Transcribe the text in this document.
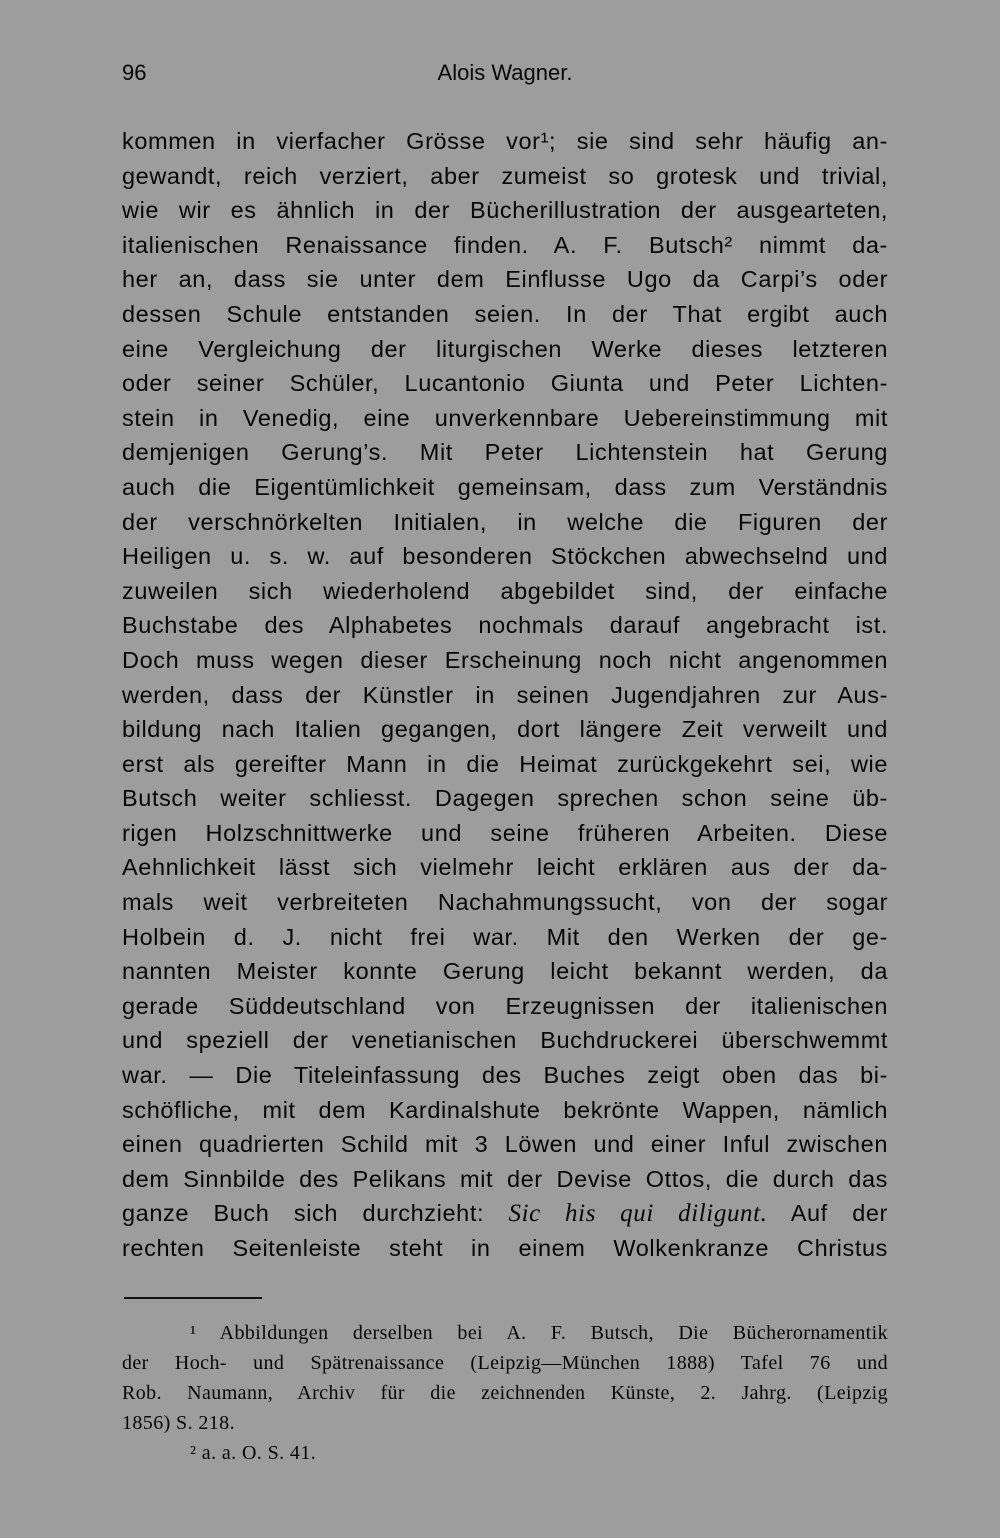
96	Alois Wagner.
kommen in vierfacher Grösse vor¹; sie sind sehr häufig an-
gewandt, reich verziert, aber zumeist so grotesk und trivial,
wie wir es ähnlich in der Bücherillustration der ausgearteten,
italienischen Renaissance finden. A. F. Butsch² nimmt da-
her an, dass sie unter dem Einflusse Ugo da Carpi’s oder
dessen Schule entstanden seien. In der That ergibt auch
eine Vergleichung der liturgischen Werke dieses letzteren
oder seiner Schüler, Lucantonio Giunta und Peter Lichten-
stein in Venedig, eine unverkennbare Uebereinstimmung mit
demjenigen Gerung’s. Mit Peter Lichtenstein hat Gerung
auch die Eigentümlichkeit gemeinsam, dass zum Verständnis
der verschnörkelten Initialen, in welche die Figuren der
Heiligen u. s. w. auf besonderen Stöckchen abwechselnd und
zuweilen sich wiederholend abgebildet sind, der einfache
Buchstabe des Alphabetes nochmals darauf angebracht ist.
Doch muss wegen dieser Erscheinung noch nicht angenommen
werden, dass der Künstler in seinen Jugendjahren zur Aus-
bildung nach Italien gegangen, dort längere Zeit verweilt und
erst als gereifter Mann in die Heimat zurückgekehrt sei, wie
Butsch weiter schliesst. Dagegen sprechen schon seine üb-
rigen Holzschnittwerke und seine früheren Arbeiten. Diese
Aehnlichkeit lässt sich vielmehr leicht erklären aus der da-
mals weit verbreiteten Nachahmungssucht, von der sogar
Holbein d. J. nicht frei war. Mit den Werken der ge-
nannten Meister konnte Gerung leicht bekannt werden, da
gerade Süddeutschland von Erzeugnissen der italienischen
und speziell der venetianischen Buchdruckerei überschwemmt
war. — Die Titeleinfassung des Buches zeigt oben das bi-
schöfliche, mit dem Kardinalshute bekrönte Wappen, nämlich
einen quadrierten Schild mit 3 Löwen und einer Inful zwischen
dem Sinnbilde des Pelikans mit der Devise Ottos, die durch das
ganze Buch sich durchzieht: Sic his qui diligunt. Auf der
rechten Seitenleiste steht in einem Wolkenkranze Christus
¹ Abbildungen derselben bei A. F. Butsch, Die Bücherornamentik
der Hoch- und Spätrenaissance (Leipzig—München 1888) Tafel 76 und
Rob. Naumann, Archiv für die zeichnenden Künste, 2. Jahrg. (Leipzig
1856) S. 218.
² a. a. O. S. 41.
